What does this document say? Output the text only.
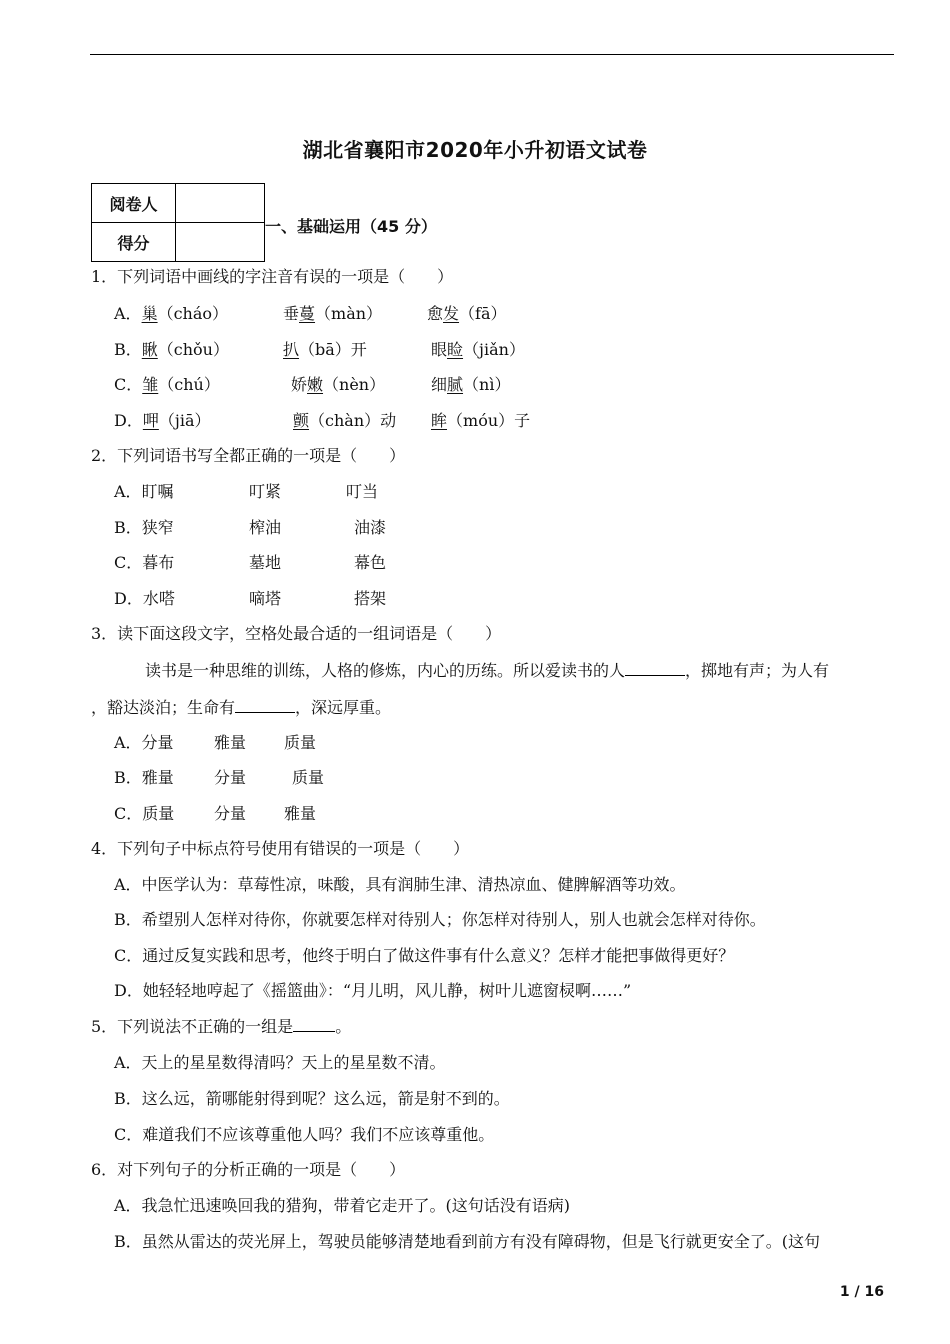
湖北省襄阳市2020年小升初语文试卷
阅卷人	
得分	
一、基础运用（45 分）
1．下列词语中画线的字注音有误的一项是（　　）
A．巢（cháo）	垂蔓（màn）	愈发（fā）
B．瞅（chǒu）	扒（bā）开	眼睑（jiǎn）
C．雏（chú）	娇嫩（nèn）	细腻（nì）
D．呷（jiā）	颤（chàn）动 眸（móu）子
2．下列词语书写全都正确的一项是（　　）
A．盯嘱	叮紧	叮当
B．狭窄	榨油	油漆
C．暮布	墓地	幕色
D．水嗒	嘀塔	搭架
3．读下面这段文字，空格处最合适的一组词语是（　　）
读书是一种思维的训练，人格的修炼，内心的历练。所以爱读书的人	，掷地有声；为人有
，豁达淡泊；生命有	，深远厚重。
A．分量	雅量 质量
B．雅量	分量	质量
C．质量 分量 雅量
4．下列句子中标点符号使用有错误的一项是（　　）
A．中医学认为：草莓性凉，味酸，具有润肺生津、清热凉血、健脾解酒等功效。
B．希望别人怎样对待你，你就要怎样对待别人；你怎样对待别人，别人也就会怎样对待你。
C．通过反复实践和思考，他终于明白了做这件事有什么意义？怎样才能把事做得更好？
D．她轻轻地哼起了《摇篮曲》：“月儿明，风儿静，树叶儿遮窗棂啊……”
5．下列说法不正确的一组是	。
A．天上的星星数得清吗？天上的星星数不清。
B．这么远，箭哪能射得到呢？这么远，箭是射不到的。
C．难道我们不应该尊重他人吗？我们不应该尊重他。
6．对下列句子的分析正确的一项是（　　）
A．我急忙迅速唤回我的猎狗，带着它走开了。(这句话没有语病)
B．虽然从雷达的荧光屏上，驾驶员能够清楚地看到前方有没有障碍物，但是飞行就更安全了。(这句
1 / 16
